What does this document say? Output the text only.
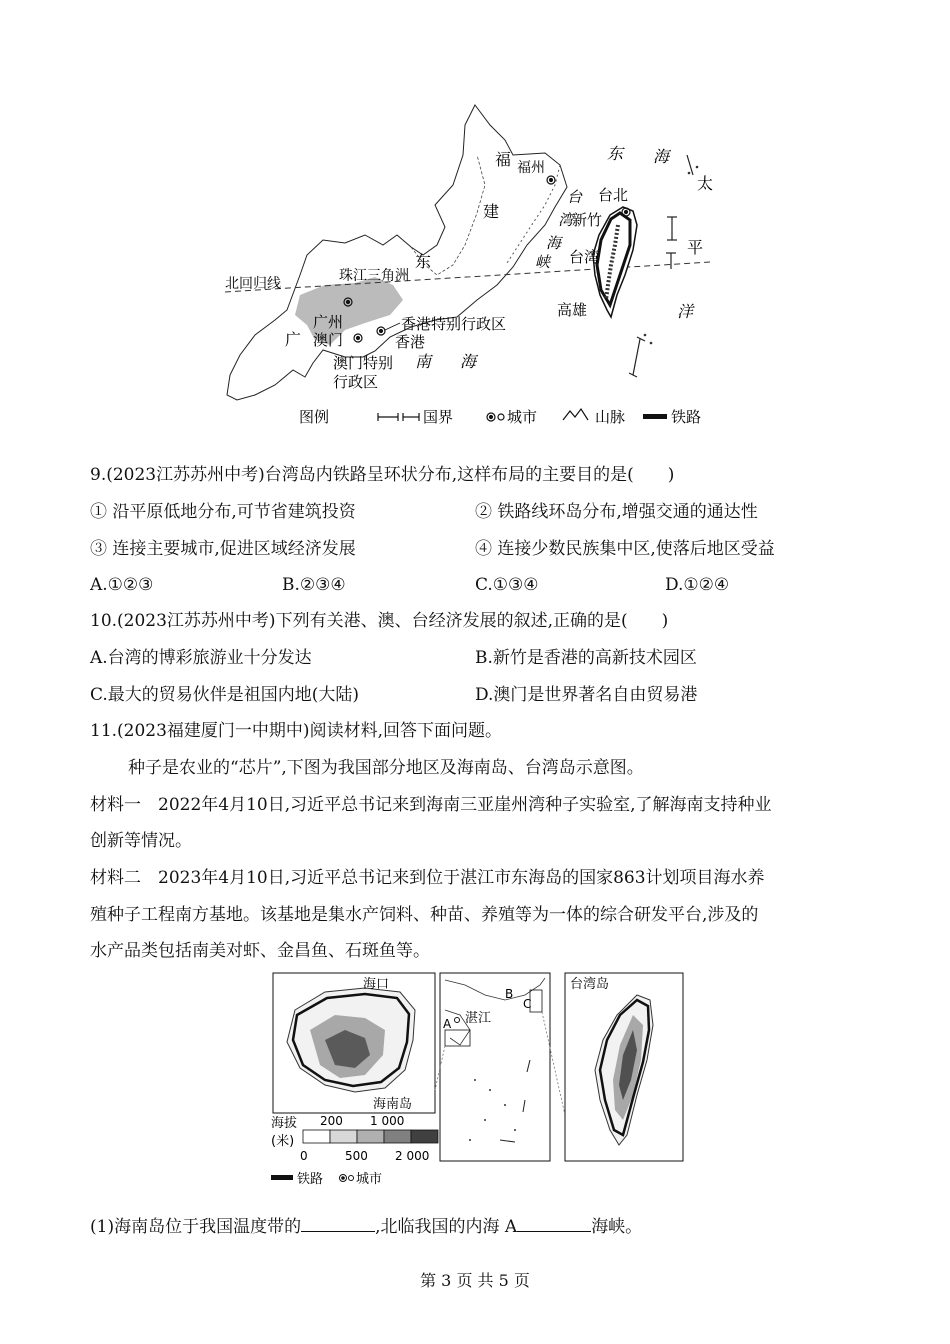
福 福州
东 海
太
台北
建
台
湾
海
峡
新竹
平
台湾
东
北回归线	珠江三角洲
高雄	洋
广州
澳门
香港特别行政区
香港
广
澳门特别
行政区
南 海
图例	国界	城市	山脉	铁路
9.(2023江苏苏州中考)台湾岛内铁路呈环状分布,这样布局的主要目的是(　　)
① 沿平原低地分布,可节省建筑投资	② 铁路线环岛分布,增强交通的通达性
③ 连接主要城市,促进区域经济发展	④ 连接少数民族集中区,使落后地区受益
A.①②③	B.②③④	C.①③④	D.①②④
10.(2023江苏苏州中考)下列有关港、澳、台经济发展的叙述,正确的是(　　)
A.台湾的博彩旅游业十分发达	B.新竹是香港的高新技术园区
C.最大的贸易伙伴是祖国内地(大陆)	D.澳门是世界著名自由贸易港
11.(2023福建厦门一中期中)阅读材料,回答下面问题。
种子是农业的“芯片”,下图为我国部分地区及海南岛、台湾岛示意图。
材料一　2022年4月10日,习近平总书记来到海南三亚崖州湾种子实验室,了解海南支持种业
创新等情况。
材料二　2023年4月10日,习近平总书记来到位于湛江市东海岛的国家863计划项目海水养
殖种子工程南方基地。该基地是集水产饲料、种苗、养殖等为一体的综合研发平台,涉及的
水产品类包括南美对虾、金昌鱼、石斑鱼等。
海口
海南岛
海拔
(米)
200 1 000
0	500 2 000
铁路	城市
湛江
A
B
C
台湾岛
(1)海南岛位于我国温度带的	,北临我国的内海 A	海峡。
第 3 页 共 5 页
